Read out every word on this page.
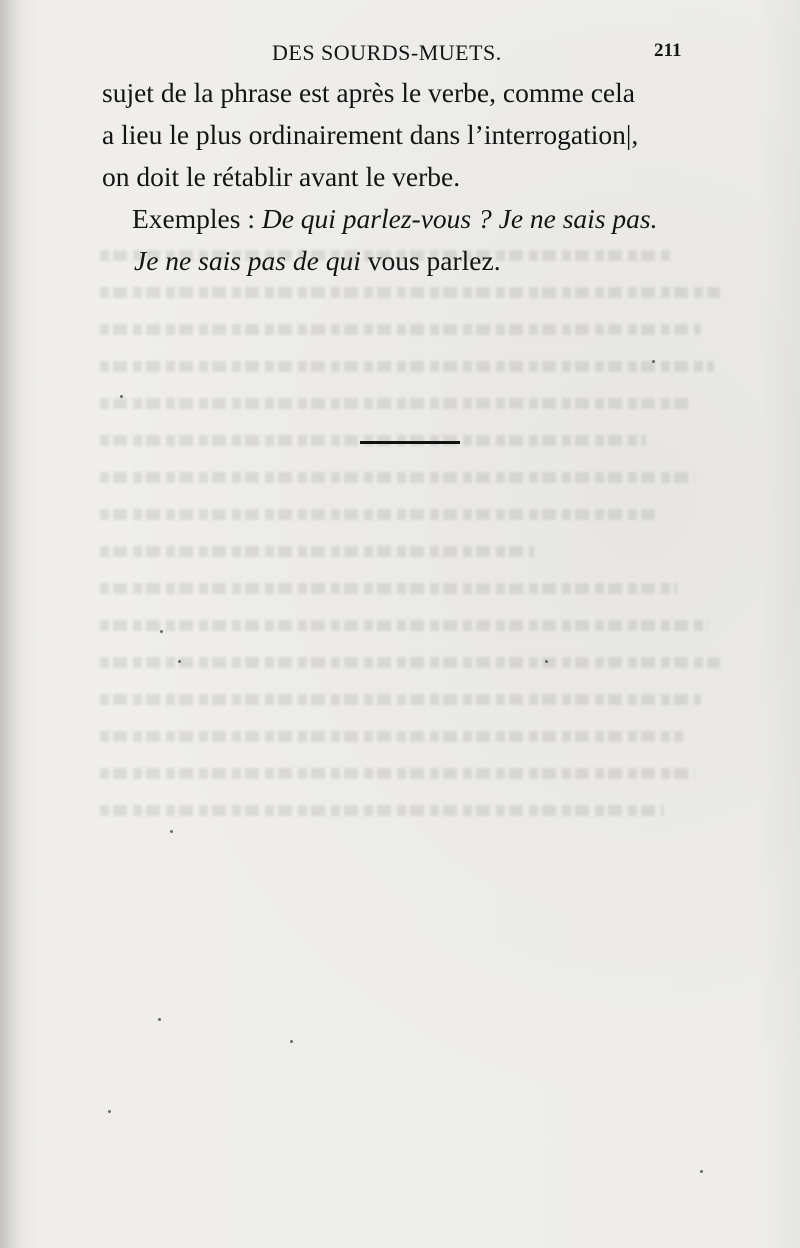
DES SOURDS-MUETS.	211
sujet de la phrase est après le verbe, comme cela
a lieu le plus ordinairement dans l’interrogation|,
on doit le rétablir avant le verbe.
Exemples : De qui parlez-vous ? Je ne sais pas.
Je ne sais pas de qui vous parlez.
